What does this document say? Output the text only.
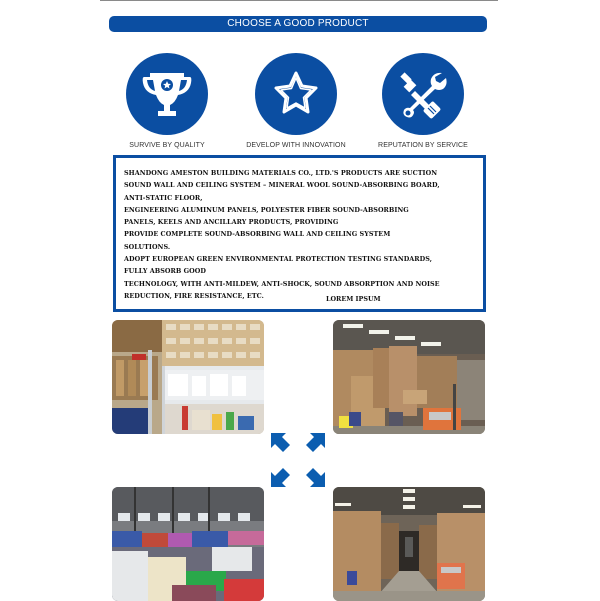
CHOOSE A GOOD PRODUCT
SURVIVE BY QUALITY	DEVELOP WITH INNOVATION	REPUTATION BY SERVICE

SHANDONG AMESTON BUILDING MATERIALS CO., LTD.'S PRODUCTS ARE SUCTION
SOUND WALL AND CEILING SYSTEM – MINERAL WOOL SOUND-ABSORBING BOARD,
ANTI-STATIC FLOOR,
ENGINEERING ALUMINUM PANELS, POLYESTER FIBER SOUND-ABSORBING
PANELS, KEELS AND ANCILLARY PRODUCTS, PROVIDING
PROVIDE COMPLETE SOUND-ABSORBING WALL AND CEILING SYSTEM
SOLUTIONS.
ADOPT EUROPEAN GREEN ENVIRONMENTAL PROTECTION TESTING STANDARDS,
FULLY ABSORB GOOD
TECHNOLOGY, WITH ANTI-MILDEW, ANTI-SHOCK, SOUND ABSORPTION AND NOISE
REDUCTION, FIRE RESISTANCE, ETC.	LOREM IPSUM
